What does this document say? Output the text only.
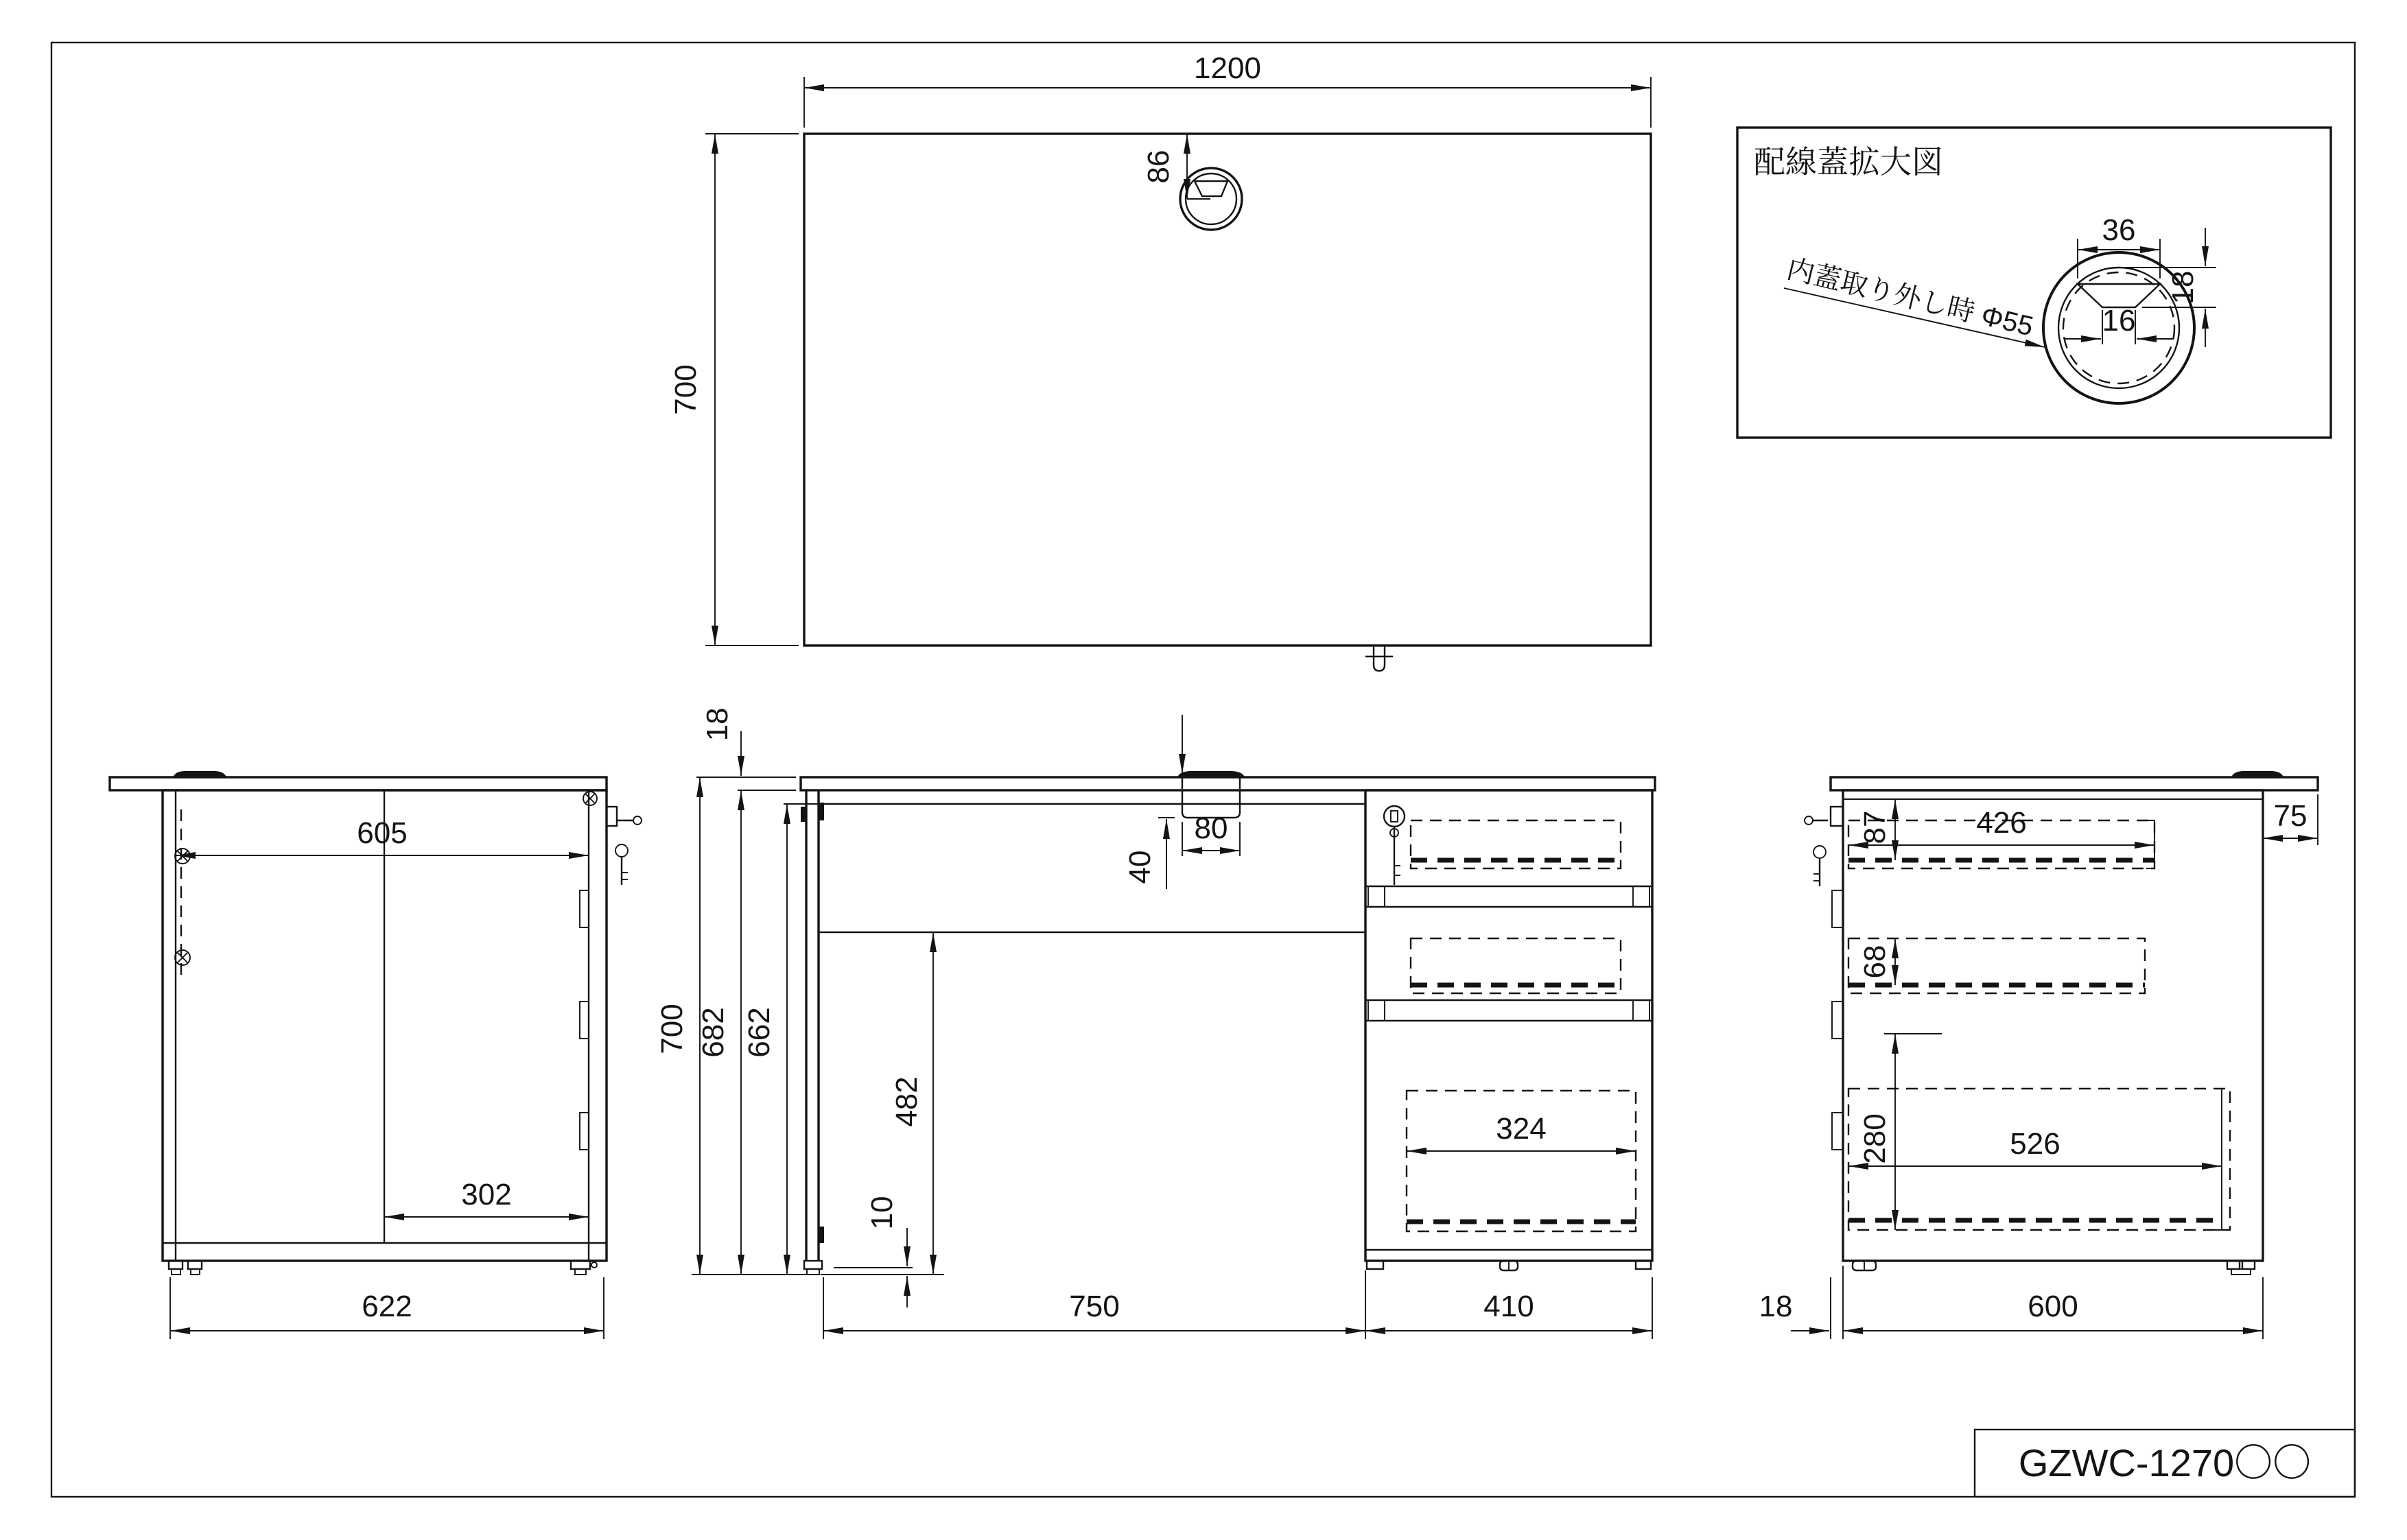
1200
700
86	配線蓋拡大図
36
16
18
内蓋取り外し時 Φ55
605
302
622
324
18
700 682 662
80
40
482
10
750	410
426
87
68
526
280
75
18	600
GZWC-1270〇〇
